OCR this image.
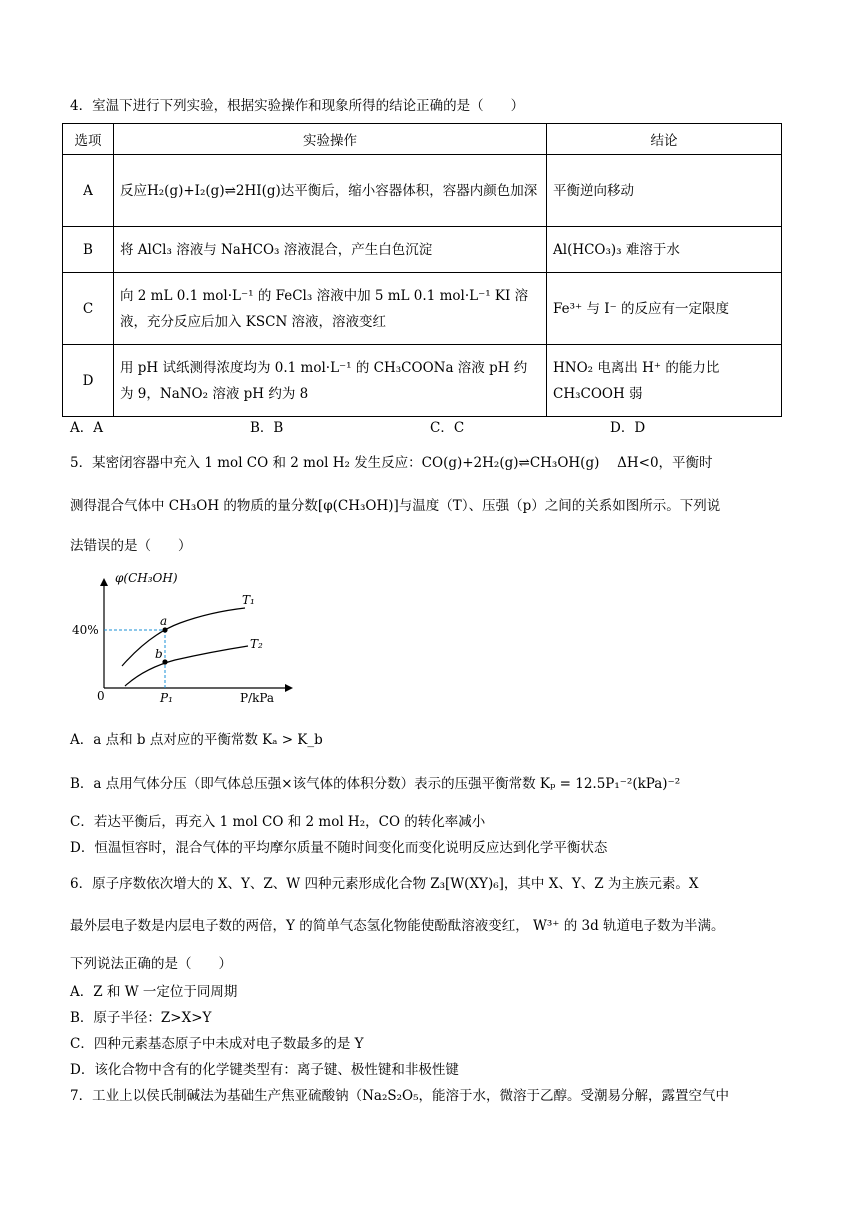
4．室温下进行下列实验，根据实验操作和现象所得的结论正确的是（　　）
选项	实验操作	结论
A	反应H₂(g)+I₂(g)⇌2HI(g)达平衡后，缩小容器体积，容器内颜色加深	平衡逆向移动
B	将 AlCl₃ 溶液与 NaHCO₃ 溶液混合，产生白色沉淀	Al(HCO₃)₃ 难溶于水
C	向 2 mL 0.1 mol·L⁻¹ 的 FeCl₃ 溶液中加 5 mL 0.1 mol·L⁻¹ KI 溶液，充分反应后加入 KSCN 溶液，溶液变红	Fe³⁺ 与 I⁻ 的反应有一定限度
D	用 pH 试纸测得浓度均为 0.1 mol·L⁻¹ 的 CH₃COONa 溶液 pH 约为 9，NaNO₂ 溶液 pH 约为 8	HNO₂ 电离出 H⁺ 的能力比 CH₃COOH 弱
A．A	B．B	C．C	D．D
5．某密闭容器中充入 1 mol CO 和 2 mol H₂ 发生反应：CO(g)+2H₂(g)⇌CH₃OH(g)　 ΔH<0，平衡时
测得混合气体中 CH₃OH 的物质的量分数[φ(CH₃OH)]与温度（T）、压强（p）之间的关系如图所示。下列说
法错误的是（　　）
φ(CH₃OH)
P/kPa
0
40%
P₁
a
b
T₁
T₂
A．a 点和 b 点对应的平衡常数 Kₐ > K_b
B．a 点用气体分压（即气体总压强×该气体的体积分数）表示的压强平衡常数 Kₚ = 12.5P₁⁻²(kPa)⁻²
C．若达平衡后，再充入 1 mol CO 和 2 mol H₂，CO 的转化率减小
D．恒温恒容时，混合气体的平均摩尔质量不随时间变化而变化说明反应达到化学平衡状态
6．原子序数依次增大的 X、Y、Z、W 四种元素形成化合物 Z₃[W(XY)₆]，其中 X、Y、Z 为主族元素。X
最外层电子数是内层电子数的两倍，Y 的简单气态氢化物能使酚酞溶液变红， W³⁺ 的 3d 轨道电子数为半满。
下列说法正确的是（　　）
A．Z 和 W 一定位于同周期
B．原子半径：Z>X>Y
C．四种元素基态原子中未成对电子数最多的是 Y
D．该化合物中含有的化学键类型有：离子键、极性键和非极性键
7．工业上以侯氏制碱法为基础生产焦亚硫酸钠（Na₂S₂O₅，能溶于水，微溶于乙醇。受潮易分解，露置空气中
